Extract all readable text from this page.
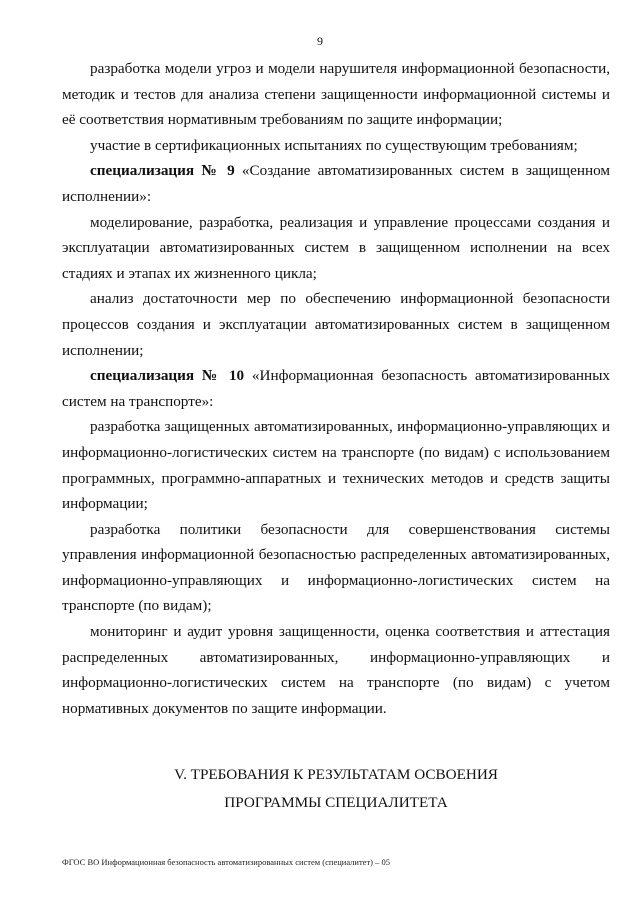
9

разработка модели угроз и модели нарушителя информационной безопасности, методик и тестов для анализа степени защищенности информационной системы и её соответствия нормативным требованиям по защите информации;

участие в сертификационных испытаниях по существующим требованиям;

специализация № 9 «Создание автоматизированных систем в защищенном исполнении»:

моделирование, разработка, реализация и управление процессами создания и эксплуатации автоматизированных систем в защищенном исполнении на всех стадиях и этапах их жизненного цикла;

анализ достаточности мер по обеспечению информационной безопасности процессов создания и эксплуатации автоматизированных систем в защищенном исполнении;

специализация № 10 «Информационная безопасность автоматизированных систем на транспорте»:

разработка защищенных автоматизированных, информационно-управляющих и информационно-логистических систем на транспорте (по видам) с использованием программных, программно-аппаратных и технических методов и средств защиты информации;

разработка политики безопасности для совершенствования системы управления информационной безопасностью распределенных автоматизированных, информационно-управляющих и информационно-логистических систем на транспорте (по видам);

мониторинг и аудит уровня защищенности, оценка соответствия и аттестация распределенных автоматизированных, информационно-управляющих и информационно-логистических систем на транспорте (по видам) с учетом нормативных документов по защите информации.

V. ТРЕБОВАНИЯ К РЕЗУЛЬТАТАМ ОСВОЕНИЯ
ПРОГРАММЫ СПЕЦИАЛИТЕТА
ФГОС ВО Информационная безопасность автоматизированных систем (специалитет) – 05
